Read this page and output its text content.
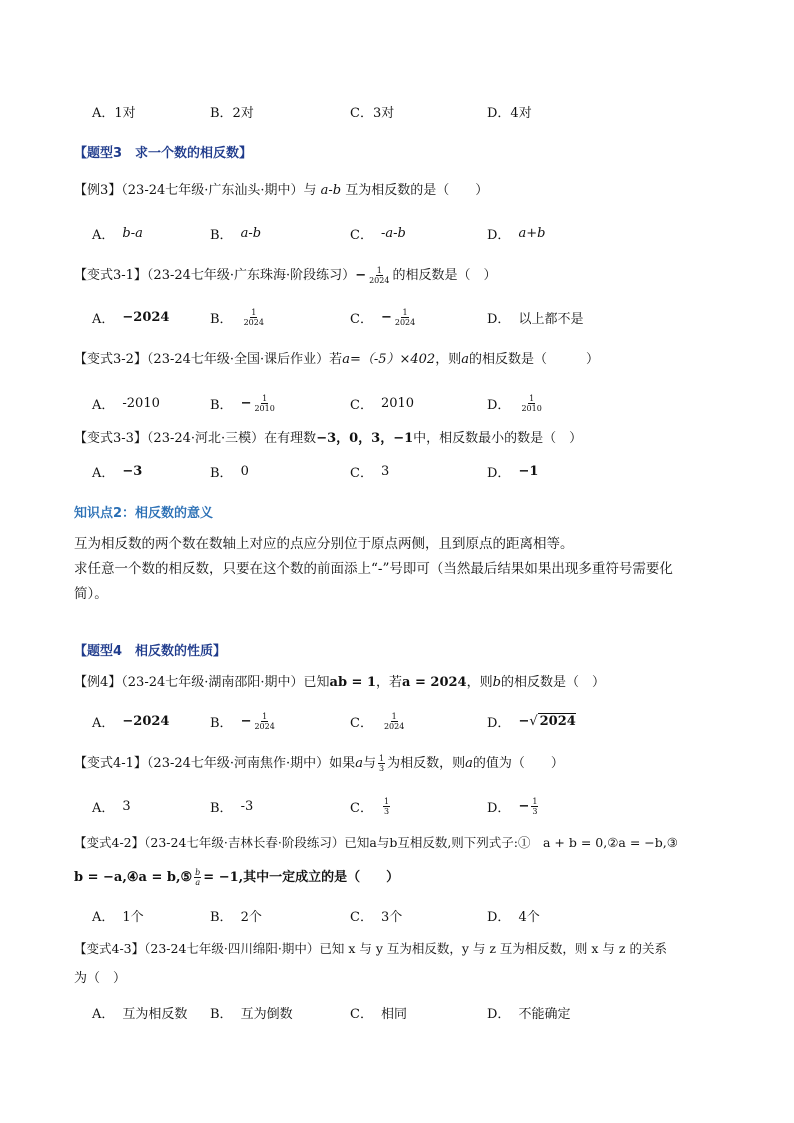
A．1对	B．2对	C．3对	D．4对
【题型3　求一个数的相反数】
【例3】（23-24七年级·广东汕头·期中）与 a-b 互为相反数的是（　　）
A． b-a	B． a-b	C． -a-b	D． a+b
【变式3-1】（23-24七年级·广东珠海·阶段练习）− $\frac{1}{2024}$ 的相反数是（　）
A． −2024	B． $\frac{1}{2024}$	C． − $\frac{1}{2024}$	D． 以上都不是
【变式3-2】（23-24七年级·全国·课后作业）若a=（-5）×402，则a的相反数是（　　　）
A． -2010	B． − $\frac{1}{2010}$	C． 2010	D． $\frac{1}{2010}$
【变式3-3】（23-24·河北·三模）在有理数−3，0，3，−1中，相反数最小的数是（　）
A． −3	B． 0	C． 3	D． −1
知识点2：相反数的意义
互为相反数的两个数在数轴上对应的点应分别位于原点两侧，且到原点的距离相等。
求任意一个数的相反数，只要在这个数的前面添上“-”号即可（当然最后结果如果出现多重符号需要化
简）。
【题型4　相反数的性质】
【例4】（23-24七年级·湖南邵阳·期中）已知ab = 1，若a = 2024，则b的相反数是（　）
A． −2024	B． − $\frac{1}{2024}$	C． $\frac{1}{2024}$	D． − √ 2024
【变式4-1】（23-24七年级·河南焦作·期中）如果a与 $\frac{1}{3}$ 为相反数，则a的值为（　　）
A． 3	B． -3	C． $\frac{1}{3}$	D． − $\frac{1}{3}$
【变式4-2】（23-24七年级·吉林长春·阶段练习）已知a与b互相反数,则下列式子:①　a + b = 0,②a = −b,③
b = −a,④a = b,⑤ $\frac{b}{a} = -1$,其中一定成立的是（　　）
A． 1个	B． 2个	C． 3个	D． 4个
【变式4-3】（23-24七年级·四川绵阳·期中）已知 x 与 y 互为相反数，y 与 z 互为相反数，则 x 与 z 的关系
为（　）
A． 互为相反数 B． 互为倒数	C． 相同	D． 不能确定
